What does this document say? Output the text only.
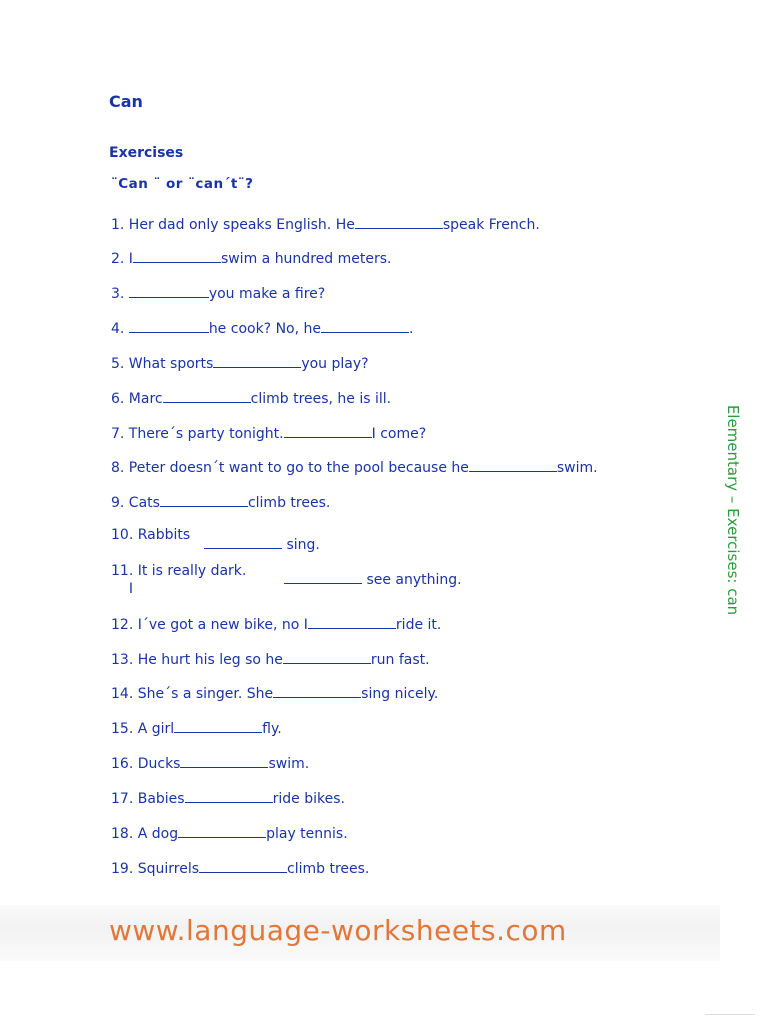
Can
Exercises
¨Can ¨ or ¨can´t¨?
1. Her dad only speaks English. He	speak French.
2. I	swim a hundred meters.
3.	you make a fire?
4.	he cook? No, he	.
5. What sports	you play?
6. Marc	climb trees, he is ill.
7. There´s party tonight.	I come?
8. Peter doesn´t want to go to the pool because he	swim.
9. Cats	climb trees.
10. Rabbits
sing.
11. It is really dark.
I
see anything.
12. I´ve got a new bike, no I	ride it.
13. He hurt his leg so he	run fast.
14. She´s a singer. She	sing nicely.
15. A girl	fly.
16. Ducks	swim.
17. Babies	ride bikes.
18. A dog	play tennis.
19. Squirrels	climb trees.
Elementary – Exercises: can
www.language-worksheets.com
